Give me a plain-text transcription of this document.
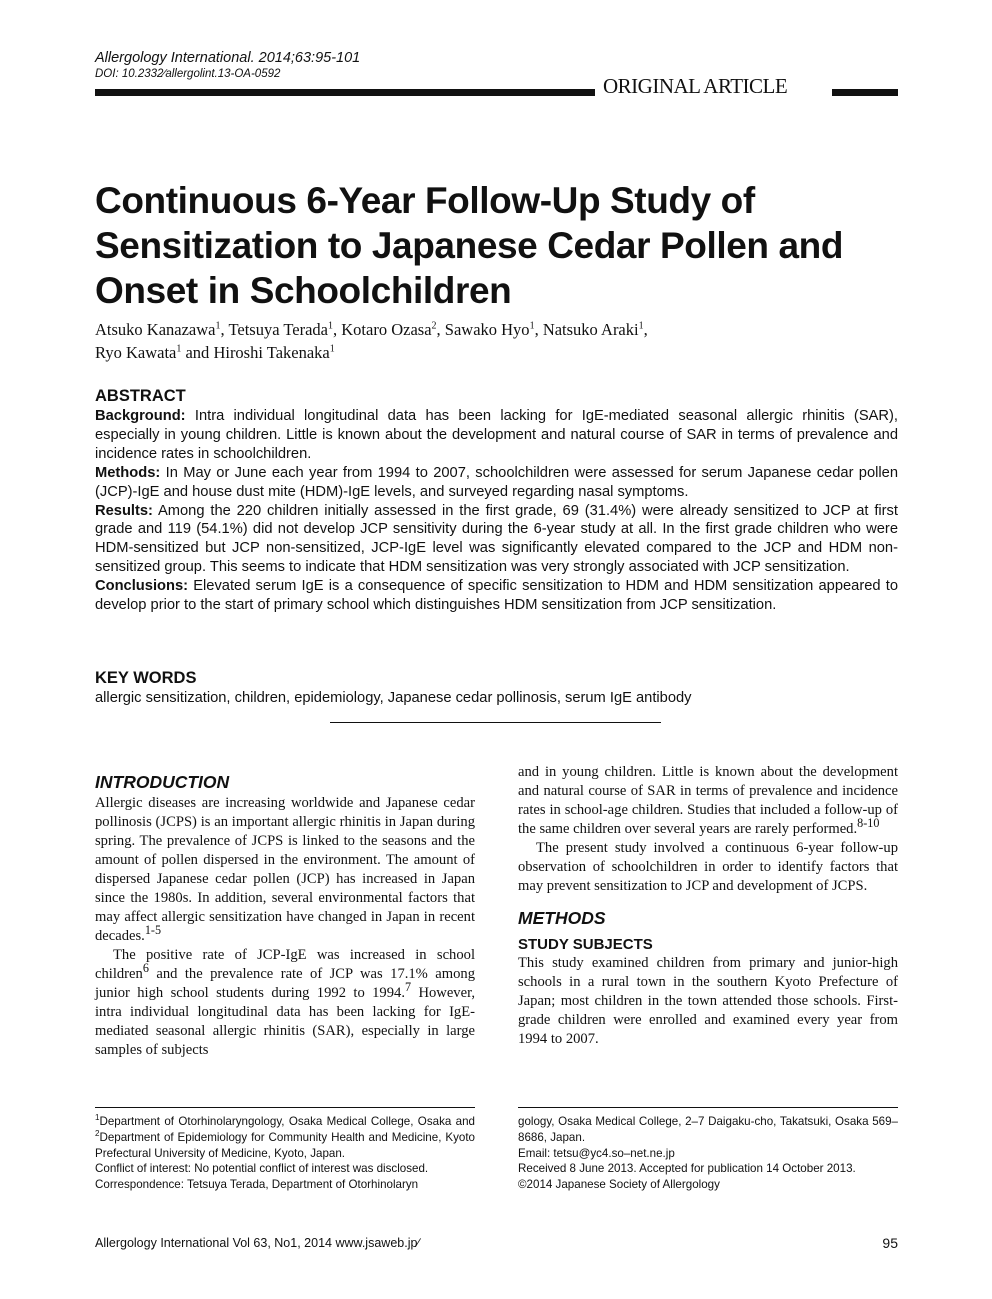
Allergology International. 2014;63:95-101
DOI: 10.2332∕allergolint.13-OA-0592	ORIGINAL ARTICLE
Continuous 6-Year Follow-Up Study of Sensitization to Japanese Cedar Pollen and Onset in Schoolchildren
Atsuko Kanazawa$^1$, Tetsuya Terada$^1$, Kotaro Ozasa$^2$, Sawako Hyo$^1$, Natsuko Araki$^1$,
Ryo Kawata$^1$ and Hiroshi Takenaka$^1$
ABSTRACT

Background: Intra individual longitudinal data has been lacking for IgE-mediated seasonal allergic rhinitis (SAR), especially in young children. Little is known about the development and natural course of SAR in terms of prevalence and incidence rates in schoolchildren.

Methods: In May or June each year from 1994 to 2007, schoolchildren were assessed for serum Japanese cedar pollen (JCP)-IgE and house dust mite (HDM)-IgE levels, and surveyed regarding nasal symptoms.

Results: Among the 220 children initially assessed in the first grade, 69 (31.4%) were already sensitized to JCP at first grade and 119 (54.1%) did not develop JCP sensitivity during the 6-year study at all. In the first grade children who were HDM-sensitized but JCP non-sensitized, JCP-IgE level was significantly elevated compared to the JCP and HDM non-sensitized group. This seems to indicate that HDM sensitization was very strongly associated with JCP sensitization.

Conclusions: Elevated serum IgE is a consequence of specific sensitization to HDM and HDM sensitization appeared to develop prior to the start of primary school which distinguishes HDM sensitization from JCP sensitization.

KEY WORDS
allergic sensitization, children, epidemiology, Japanese cedar pollinosis, serum IgE antibody
INTRODUCTION

Allergic diseases are increasing worldwide and Japanese cedar pollinosis (JCPS) is an important allergic rhinitis in Japan during spring. The prevalence of JCPS is linked to the seasons and the amount of pollen dispersed in the environment. The amount of dispersed Japanese cedar pollen (JCP) has increased in Japan since the 1980s. In addition, several environmental factors that may affect allergic sensitization have changed in Japan in recent decades.$^{1-5}$

The positive rate of JCP-IgE was increased in school children$^6$ and the prevalence rate of JCP was 17.1% among junior high school students during 1992 to 1994.$^7$ However, intra individual longitudinal data has been lacking for IgE-mediated seasonal allergic rhinitis (SAR), especially in large samples of subjects

and in young children. Little is known about the development and natural course of SAR in terms of prevalence and incidence rates in school-age children. Studies that included a follow-up of the same children over several years are rarely performed.$^{8-10}$

The present study involved a continuous 6-year follow-up observation of schoolchildren in order to identify factors that may prevent sensitization to JCP and development of JCPS.

METHODS
STUDY SUBJECTS

This study examined children from primary and junior-high schools in a rural town in the southern Kyoto Prefecture of Japan; most children in the town attended those schools. First-grade children were enrolled and examined every year from 1994 to 2007.

$^1$Department of Otorhinolaryngology, Osaka Medical College, Osaka and $^2$Department of Epidemiology for Community Health and Medicine, Kyoto Prefectural University of Medicine, Kyoto, Japan.

Conflict of interest: No potential conflict of interest was disclosed.

Correspondence: Tetsuya Terada, Department of Otorhinolaryn

gology, Osaka Medical College, 2–7 Daigaku-cho, Takatsuki, Osaka 569–8686, Japan.

Email: tetsu@yc4.so–net.ne.jp

Received 8 June 2013. Accepted for publication 14 October 2013.

©2014 Japanese Society of Allergology

Allergology International Vol 63, No1, 2014 www.jsaweb.jp∕	95
